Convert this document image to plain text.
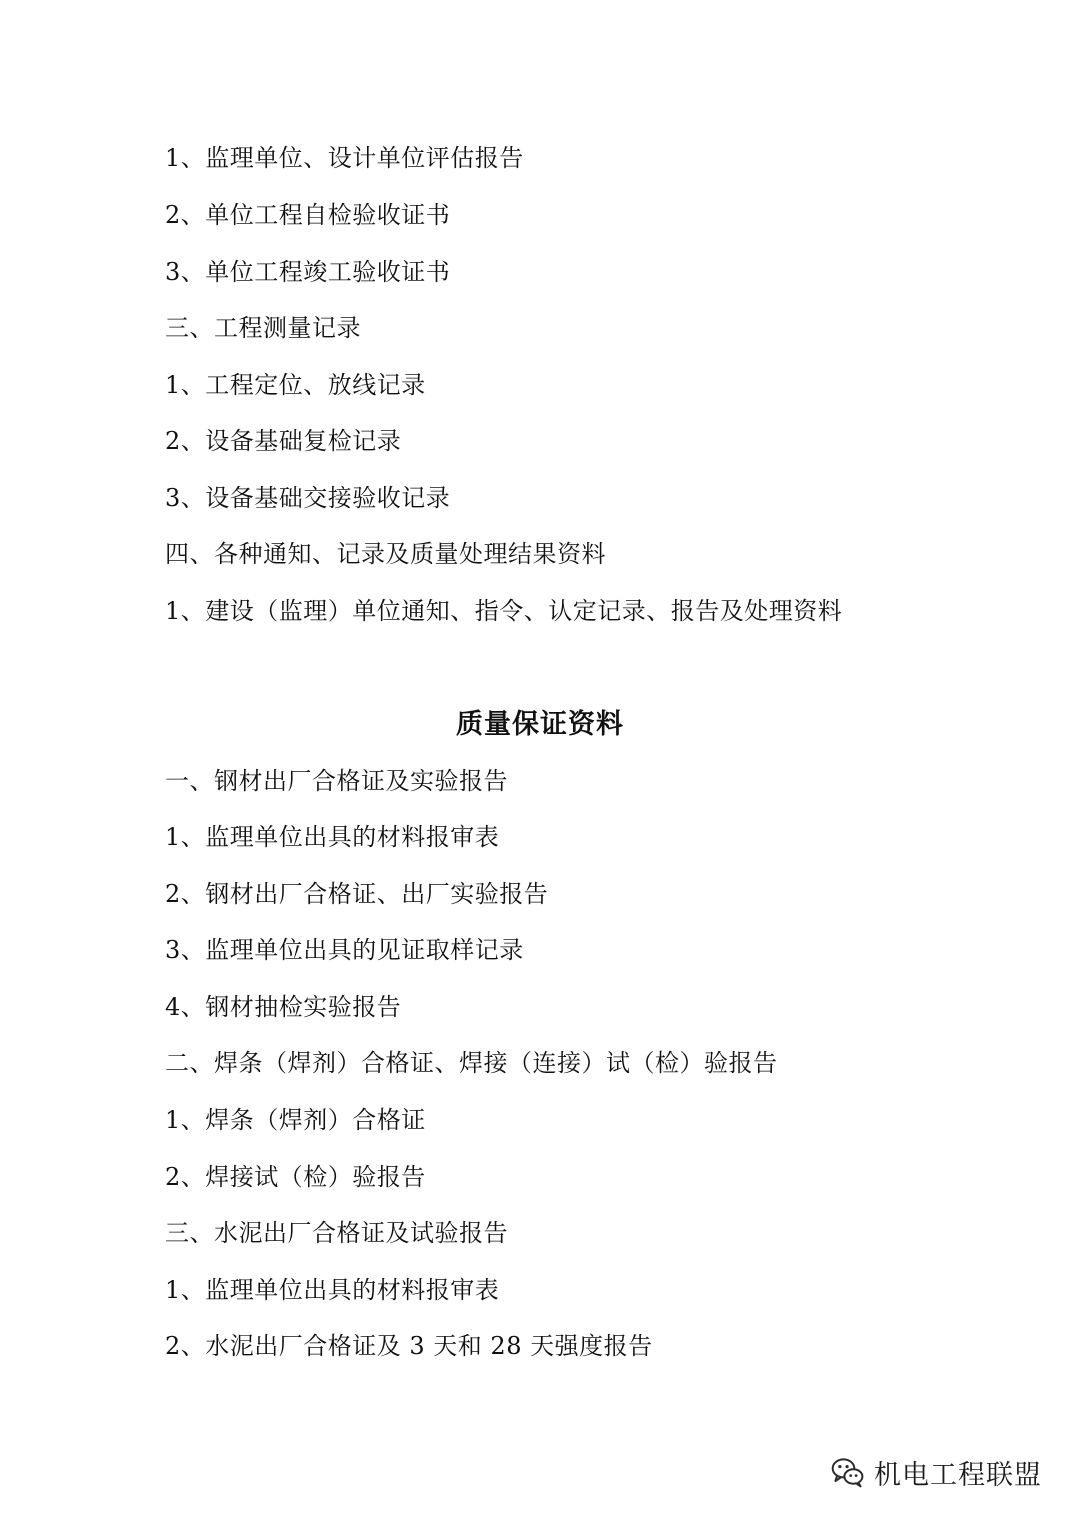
1、监理单位、设计单位评估报告
2、单位工程自检验收证书
3、单位工程竣工验收证书
三、工程测量记录
1、工程定位、放线记录
2、设备基础复检记录
3、设备基础交接验收记录
四、各种通知、记录及质量处理结果资料
1、建设（监理）单位通知、指令、认定记录、报告及处理资料
质量保证资料
一、钢材出厂合格证及实验报告
1、监理单位出具的材料报审表
2、钢材出厂合格证、出厂实验报告
3、监理单位出具的见证取样记录
4、钢材抽检实验报告
二、焊条（焊剂）合格证、焊接（连接）试（检）验报告
1、焊条（焊剂）合格证
2、焊接试（检）验报告
三、水泥出厂合格证及试验报告
1、监理单位出具的材料报审表
2、水泥出厂合格证及 3 天和 28 天强度报告
机电工程联盟
